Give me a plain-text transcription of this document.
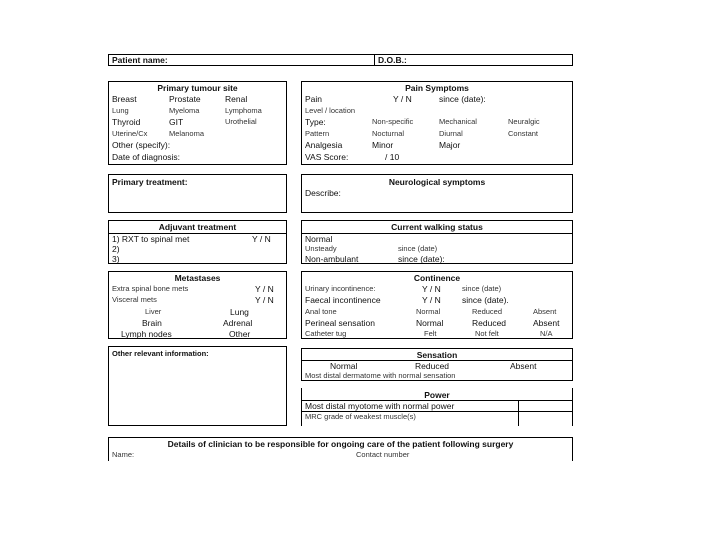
Patient name:	D.O.B.:
Primary tumour site
Breast	Prostate	Renal
Lung	Myeloma	Lymphoma
Thyroid	GIT	Urothelial
Uterine/Cx	Melanoma
Other (specify):
Date of diagnosis:
Pain Symptoms
Pain	Y / N	since (date):
Level / location
Type:	Non-specific	Mechanical	Neuralgic
Pattern	Nocturnal	Diurnal	Constant
Analgesia	Minor	Major
VAS Score:	/ 10
Primary treatment:	Neurological symptoms
Describe:
Adjuvant treatment
1) RXT to spinal met	Y / N
2)
3)
Current walking status
Normal
Unsteady	since (date)
Non-ambulant	since (date):
Metastases
Extra spinal bone mets	Y / N
Visceral mets	Y / N
Liver	Lung
Brain	Adrenal
Lymph nodes	Other
Continence
Urinary incontinence:	Y / N	since (date)
Faecal incontinence	Y / N	since (date).
Anal tone	Normal	Reduced	Absent
Perineal sensation	Normal	Reduced	Absent
Catheter tug	Felt	Not felt	N/A
Other relevant information:	Sensation
Normal	Reduced	Absent
Most distal dermatome with normal sensation
Power
Most distal myotome with normal power
MRC grade of weakest muscle(s)
Details of clinician to be responsible for ongoing care of the patient following surgery
Name:	Contact number
